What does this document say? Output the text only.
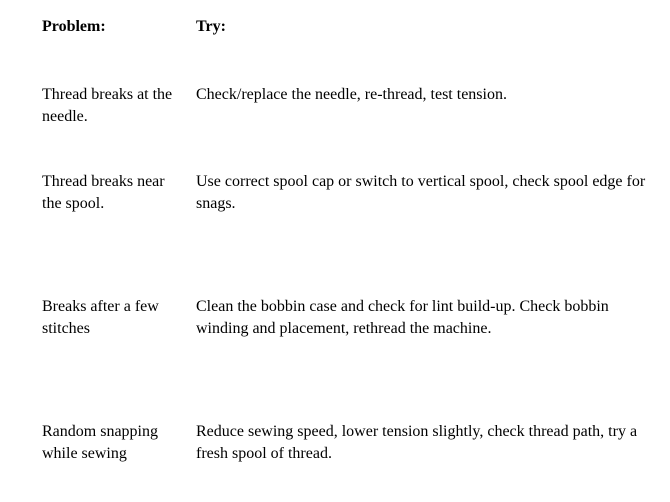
Problem:	Try:
Thread breaks at the needle.
Check/replace the needle, re-thread, test tension.
Thread breaks near the spool.
Use correct spool cap or switch to vertical spool, check spool edge for snags.
Breaks after a few stitches
Clean the bobbin case and check for lint build-up. Check bobbin winding and placement, rethread the machine.
Random snapping while sewing
Reduce sewing speed, lower tension slightly, check thread path, try a fresh spool of thread.
